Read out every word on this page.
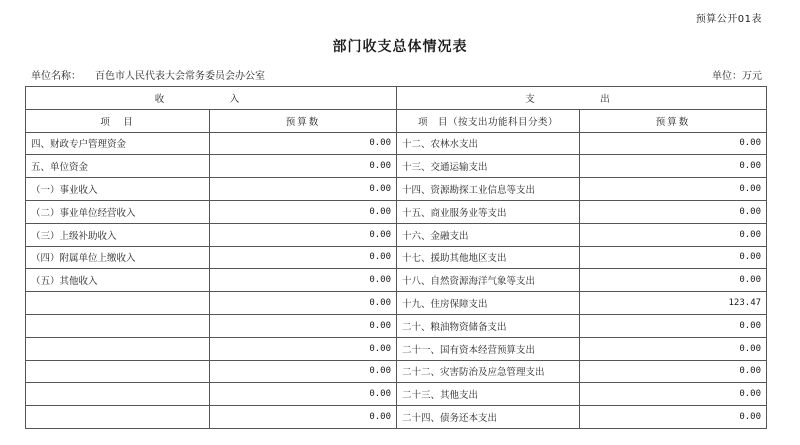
预算公开01表
部门收支总体情况表
单位名称： 百色市人民代表大会常务委员会办公室	单位：万元
收　入		支　出	
项　目	预算数	项　目（按支出功能科目分类）	预算数
四、财政专户管理资金	0.00	十二、农林水支出	0.00
五、单位资金	0.00	十三、交通运输支出	0.00
（一）事业收入	0.00	十四、资源勘探工业信息等支出	0.00
（二）事业单位经营收入	0.00	十五、商业服务业等支出	0.00
（三）上级补助收入	0.00	十六、金融支出	0.00
（四）附属单位上缴收入	0.00	十七、援助其他地区支出	0.00
（五）其他收入	0.00	十八、自然资源海洋气象等支出	0.00
	0.00	十九、住房保障支出	123.47
	0.00	二十、粮油物资储备支出	0.00
	0.00	二十一、国有资本经营预算支出	0.00
	0.00	二十二、灾害防治及应急管理支出	0.00
	0.00	二十三、其他支出	0.00
	0.00	二十四、债务还本支出	0.00
